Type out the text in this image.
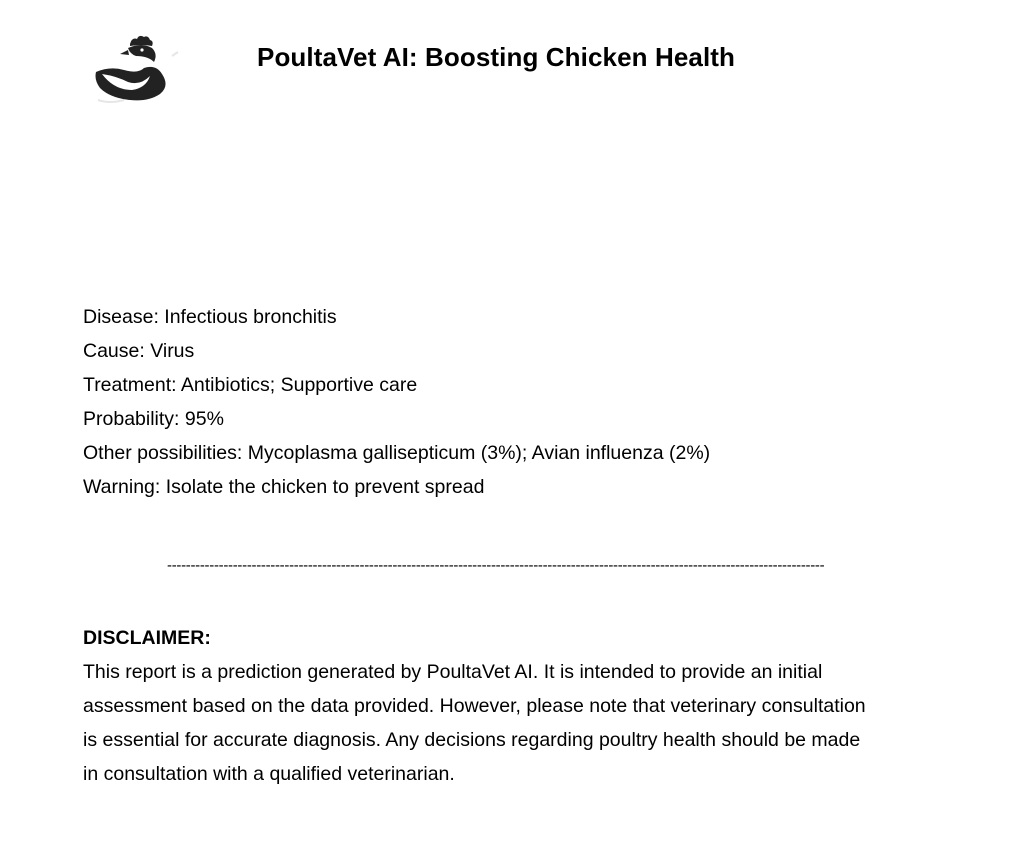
PoultaVet AI: Boosting Chicken Health
Disease: Infectious bronchitis
Cause: Virus
Treatment: Antibiotics; Supportive care
Probability: 95%
Other possibilities: Mycoplasma gallisepticum (3%); Avian influenza (2%)
Warning: Isolate the chicken to prevent spread
--------------------------------------------------------------------------------------------------------------------------------------------
DISCLAIMER:
This report is a prediction generated by PoultaVet AI. It is intended to provide an initial
assessment based on the data provided. However, please note that veterinary consultation
is essential for accurate diagnosis. Any decisions regarding poultry health should be made
in consultation with a qualified veterinarian.
